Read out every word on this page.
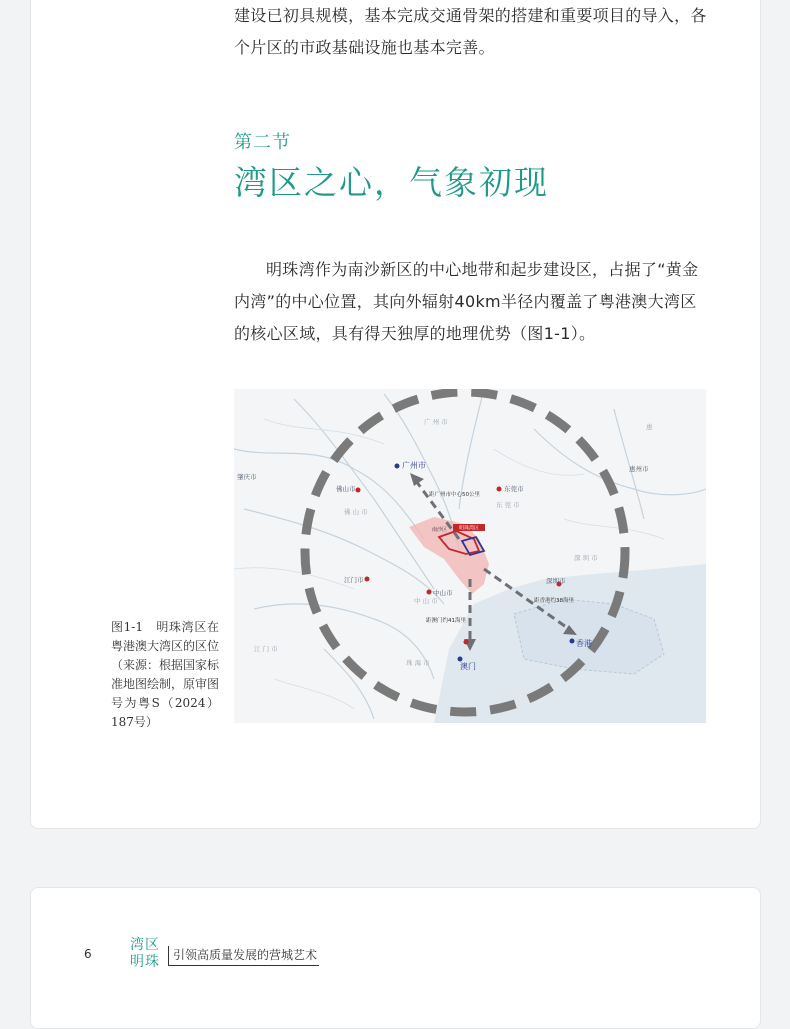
建设已初具规模，基本完成交通骨架的搭建和重要项目的导入，各个片区的市政基础设施也基本完善。
第二节
湾区之心，气象初现
明珠湾作为南沙新区的中心地带和起步建设区，占据了“黄金内湾”的中心位置，其向外辐射40km半径内覆盖了粤港澳大湾区的核心区域，具有得天独厚的地理优势（图1-1）。
明珠湾区
南沙区
广州市
广 州 市
佛山市
佛 山 市
东莞市
东 莞 市
惠州市
惠
肇庆市
江门市
江 门 市
中山市
中 山 市
深圳市
深 圳 市
香港
澳门
珠 海 市
距广州市中心50公里
距香港约38海里
距澳门约41海里
图1-1　明珠湾区在粤港澳大湾区的区位（来源：根据国家标准地图绘制，原审图号为粤S（2024）187号）
6
湾区
明珠	引领高质量发展的营城艺术
